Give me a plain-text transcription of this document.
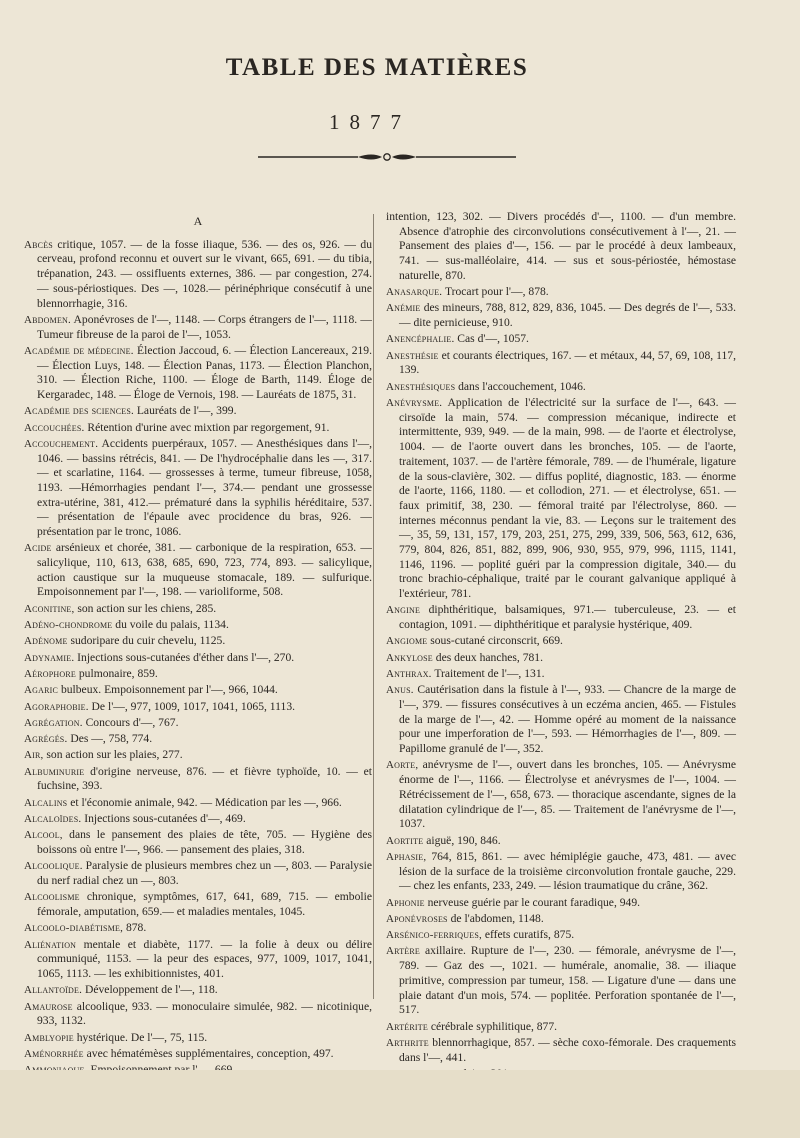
TABLE DES MATIÈRES
1877
A
Abcès critique, 1057. — de la fosse iliaque, 536. — des os, 926. — du cerveau, profond reconnu et ouvert sur le vivant, 665, 691. — du tibia, trépanation, 243. — ossifluents externes, 386. — par congestion, 274. — sous-périostiques. Des —, 1028.— périnéphrique consécutif à une blennorrhagie, 316.
Abdomen. Aponévroses de l'—, 1148. — Corps étrangers de l'—, 1118. — Tumeur fibreuse de la paroi de l'—, 1053.
Académie de médecine. Élection Jaccoud, 6. — Élection Lancereaux, 219. — Élection Luys, 148. — Élection Panas, 1173. — Élection Planchon, 310. — Élection Riche, 1100. — Éloge de Barth, 1149. Éloge de Kergaradec, 148. — Éloge de Vernois, 198. — Lauréats de 1875, 31.
Académie des sciences. Lauréats de l'—, 399.
Accouchées. Rétention d'urine avec mixtion par regorgement, 91.
Accouchement. Accidents puerpéraux, 1057. — Anesthésiques dans l'—, 1046. — bassins rétrécis, 841. — De l'hydrocéphalie dans les —, 317. — et scarlatine, 1164. — grossesses à terme, tumeur fibreuse, 1058, 1193. —Hémorrhagies pendant l'—, 374.— pendant une grossesse extra-utérine, 381, 412.— prématuré dans la syphilis héréditaire, 537. — présentation de l'épaule avec procidence du bras, 926. — présentation par le tronc, 1086.
Acide arsénieux et chorée, 381. — carbonique de la respiration, 653. — salicylique, 110, 613, 638, 685, 690, 723, 774, 893. — salicylique, action caustique sur la muqueuse stomacale, 189. — sulfurique. Empoisonnement par l'—, 198. — varioliforme, 508.
Aconitine, son action sur les chiens, 285.
Adéno-chondrome du voile du palais, 1134.
Adénome sudoripare du cuir chevelu, 1125.
Adynamie. Injections sous-cutanées d'éther dans l'—, 270.
Aérophore pulmonaire, 859.
Agaric bulbeux. Empoisonnement par l'—, 966, 1044.
Agoraphobie. De l'—, 977, 1009, 1017, 1041, 1065, 1113.
Agrégation. Concours d'—, 767.
Agrégés. Des —, 758, 774.
Air, son action sur les plaies, 277.
Albuminurie d'origine nerveuse, 876. — et fièvre typhoïde, 10. — et fuchsine, 393.
Alcalins et l'économie animale, 942. — Médication par les —, 966.
Alcaloïdes. Injections sous-cutanées d'—, 469.
Alcool, dans le pansement des plaies de tête, 705. — Hygiène des boissons où entre l'—, 966. — pansement des plaies, 318.
Alcoolique. Paralysie de plusieurs membres chez un —, 803. — Paralysie du nerf radial chez un —, 803.
Alcoolisme chronique, symptômes, 617, 641, 689, 715. — embolie fémorale, amputation, 659.— et maladies mentales, 1045.
Alcoolo-diabétisme, 878.
Aliénation mentale et diabète, 1177. — la folie à deux ou délire communiqué, 1153. — la peur des espaces, 977, 1009, 1017, 1041, 1065, 1113. — les exhibitionnistes, 401.
Allantoïde. Développement de l'—, 118.
Amaurose alcoolique, 933. — monoculaire simulée, 982. — nicotinique, 933, 1132.
Amblyopie hystérique. De l'—, 75, 115.
Aménorrhée avec hématémèses supplémentaires, conception, 497.
intention, 123, 302. — Divers procédés d'—, 1100. — d'un membre. Absence d'atrophie des circonvolutions consécutivement à l'—, 21. — Pansement des plaies d'—, 156. — par le procédé à deux lambeaux, 741. — sus-malléolaire, 414. — sus et sous-périostée, hémostase naturelle, 870.
Anasarque. Trocart pour l'—, 878.
Anémie des mineurs, 788, 812, 829, 836, 1045. — Des degrés de l'—, 533. — dite pernicieuse, 910.
Anencéphalie. Cas d'—, 1057.
Anesthésie et courants électriques, 167. — et métaux, 44, 57, 69, 108, 117, 139.
Anesthésiques dans l'accouchement, 1046.
Anévrysme. Application de l'électricité sur la surface de l'—, 643. — cirsoïde la main, 574. — compression mécanique, indirecte et intermittente, 939, 949. — de la main, 998. — de l'aorte et électrolyse, 1004. — de l'aorte ouvert dans les bronches, 105. — de l'aorte, traitement, 1037. — de l'artère fémorale, 789. — de l'humérale, ligature de la sous-clavière, 302. — diffus poplité, diagnostic, 183. — énorme de l'aorte, 1166, 1180. — et collodion, 271. — et électrolyse, 651. — faux primitif, 38, 230. — fémoral traité par l'électrolyse, 860. — internes méconnus pendant la vie, 83. — Leçons sur le traitement des —, 35, 59, 131, 157, 179, 203, 251, 275, 299, 339, 506, 563, 612, 636, 779, 804, 826, 851, 882, 899, 906, 930, 955, 979, 996, 1115, 1141, 1146, 1196. — poplité guéri par la compression digitale, 340.— du tronc brachio-céphalique, traité par le courant galvanique appliqué à l'extérieur, 781.
Angine diphthéritique, balsamiques, 971.— tuberculeuse, 23. — et contagion, 1091. — diphthéritique et paralysie hystérique, 409.
Angiome sous-cutané circonscrit, 669.
Ankylose des deux hanches, 781.
Anthrax. Traitement de l'—, 131.
Anus. Cautérisation dans la fistule à l'—, 933. — Chancre de la marge de l'—, 379. — fissures consécutives à un eczéma ancien, 465. — Fistules de la marge de l'—, 42. — Homme opéré au moment de la naissance pour une imperforation de l'—, 593. — Hémorrhagies de l'—, 809. — Papillome granulé de l'—, 352.
Aorte, anévrysme de l'—, ouvert dans les bronches, 105. — Anévrysme énorme de l'—, 1166. — Électrolyse et anévrysmes de l'—, 1004. — Rétrécissement de l'—, 658, 673. — thoracique ascendante, signes de la dilatation cylindrique de l'—, 85. — Traitement de l'anévrysme de l'—, 1037.
Aortite aiguë, 190, 846.
Aphasie, 764, 815, 861. — avec hémiplégie gauche, 473, 481. — avec lésion de la surface de la troisième circonvolution frontale gauche, 229. — chez les enfants, 233, 249. — lésion traumatique du crâne, 362.
Aphonie nerveuse guérie par le courant faradique, 949.
Aponévroses de l'abdomen, 1148.
Arsénico-ferriques, effets curatifs, 875.
Artère axillaire. Rupture de l'—, 230. — fémorale, anévrysme de l'—, 789. — Gaz des —, 1021. — humérale, anomalie, 38. — iliaque primitive, compression par tumeur, 158. — Ligature d'une — dans une plaie datant d'un mois, 574. — poplitée. Perforation spontanée de l'—, 517.
Artérite cérébrale syphilitique, 877.
Arthrite blennorrhagique, 857. — sèche coxo-fémorale. Des craquements dans l'—, 441.
